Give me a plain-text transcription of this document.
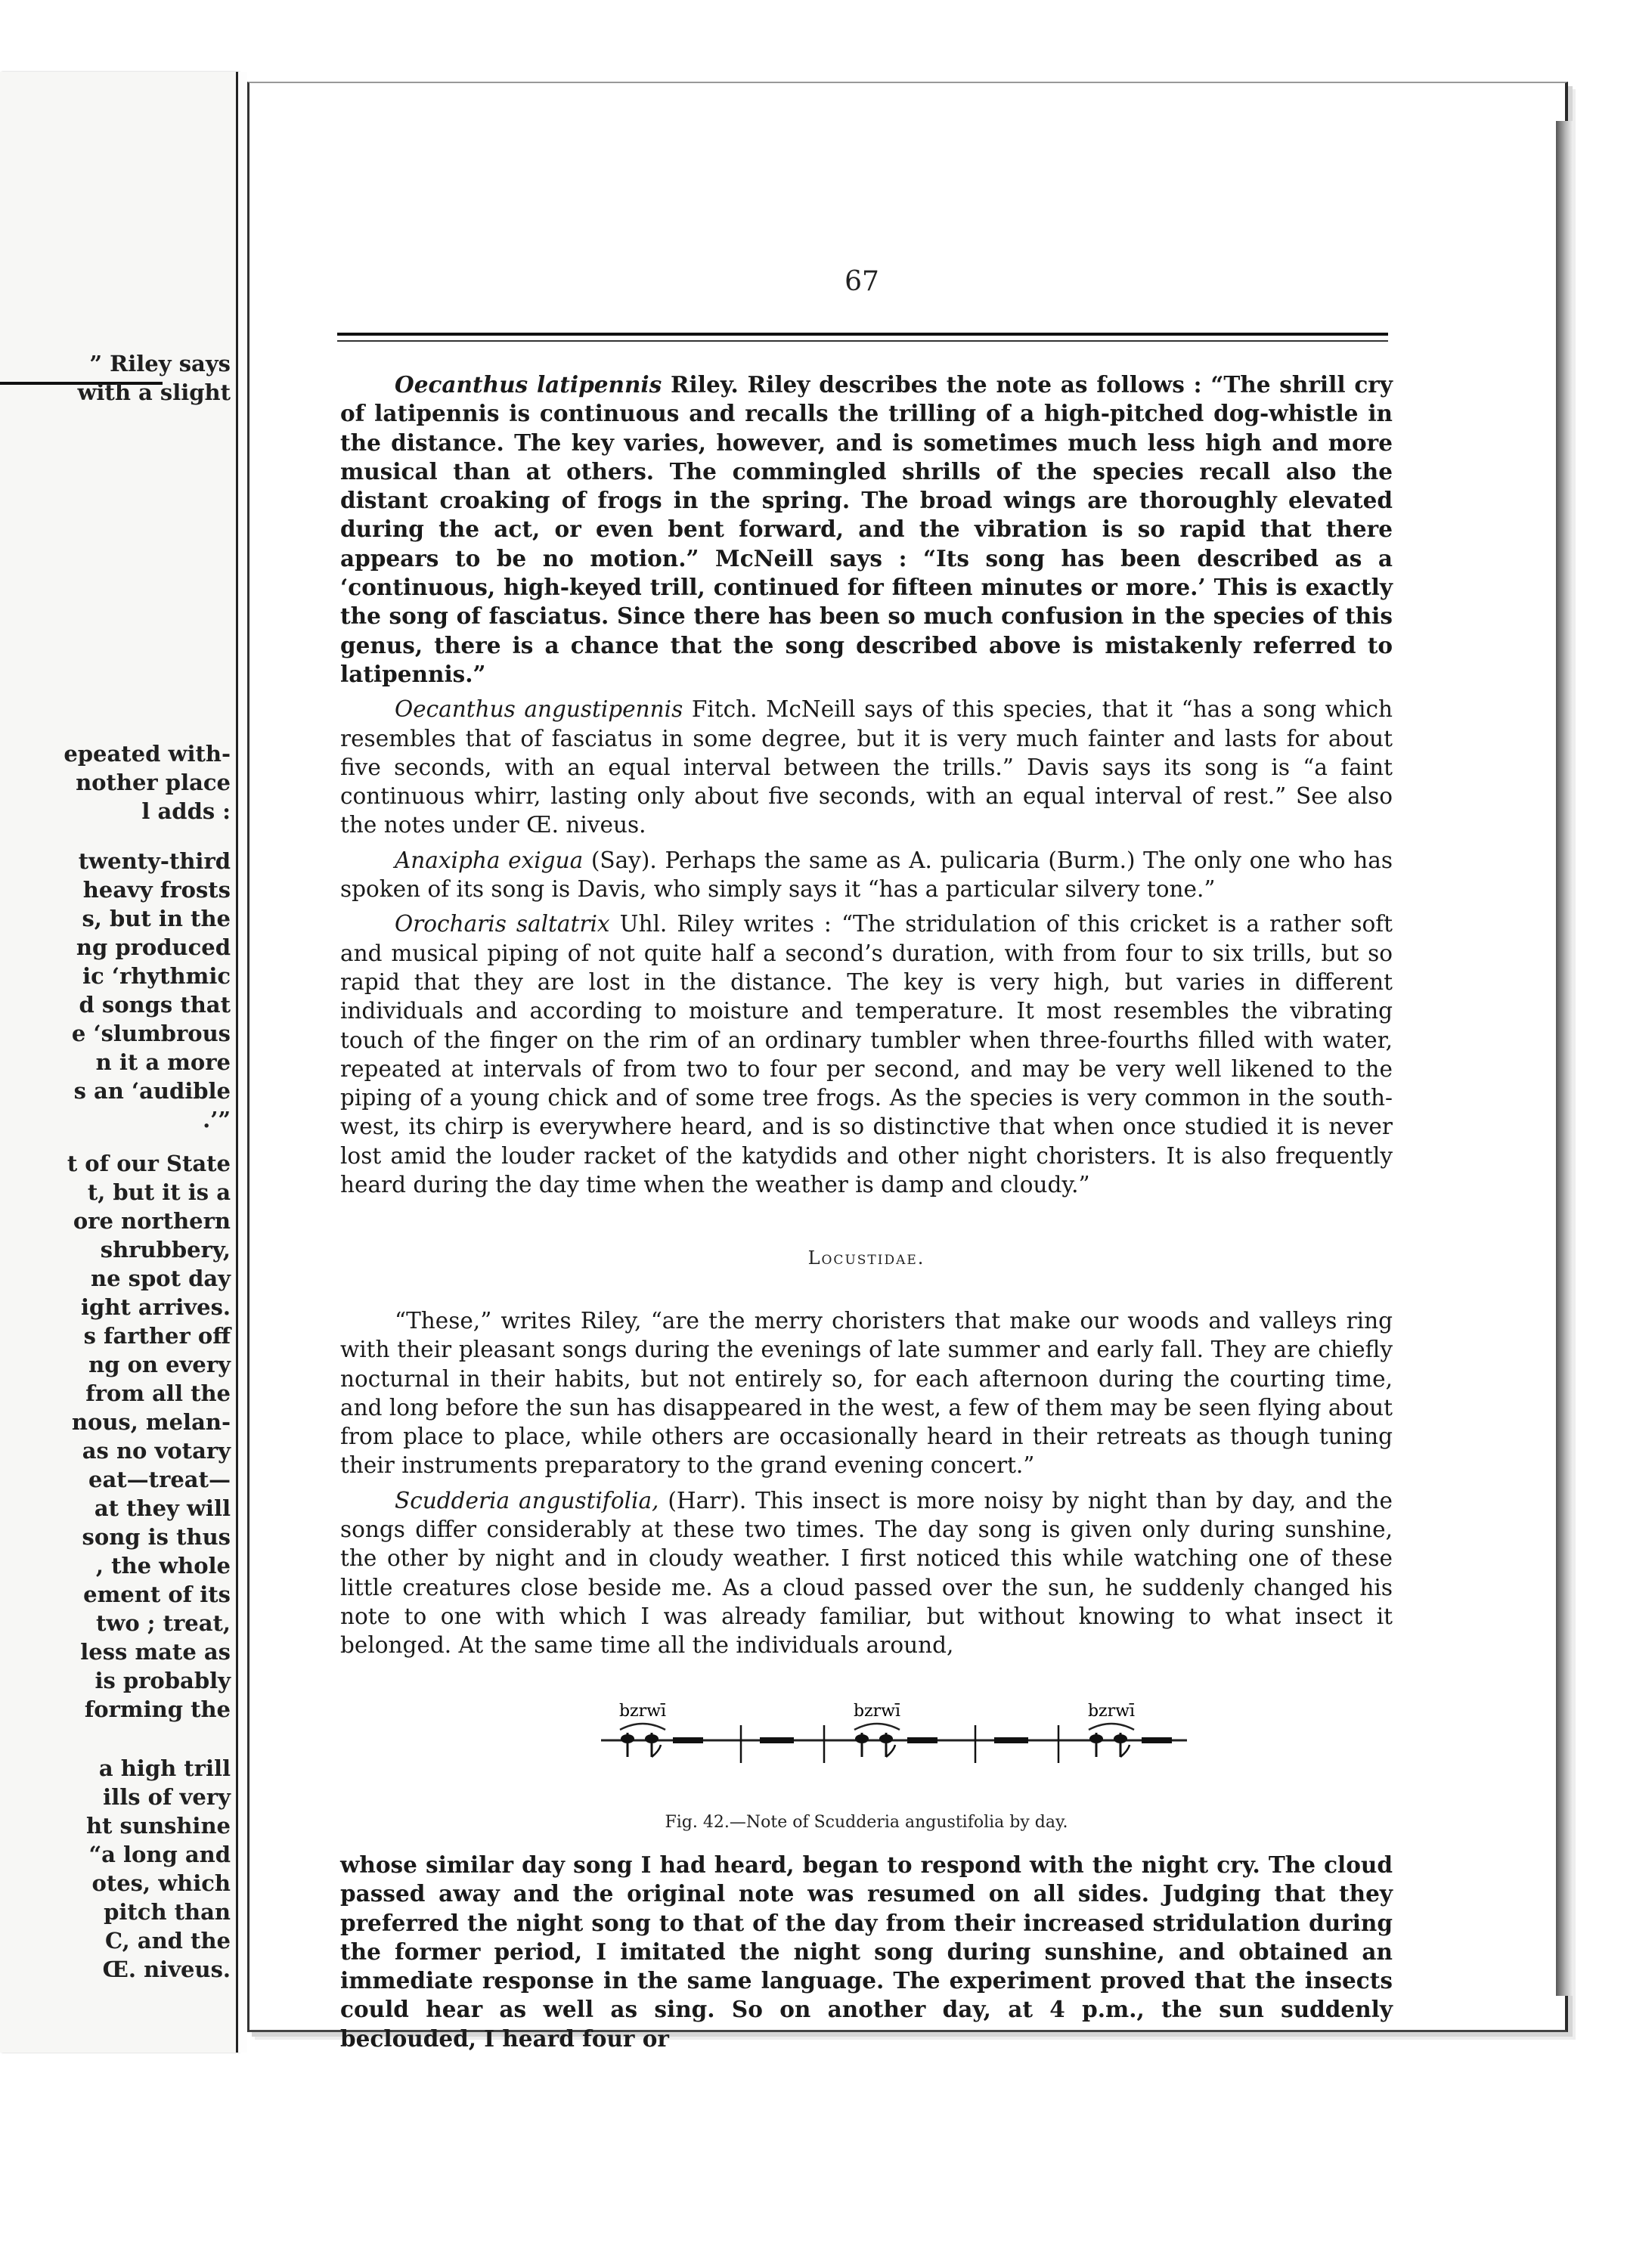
” Riley says
with a slight
epeated with-
nother place
l adds :
twenty-third
heavy frosts
s, but in the
ng produced
ic ‘rhythmic
d songs that
e ‘slumbrous
n it a more
s an ‘audible
.’”
t of our State
t, but it is a
ore northern
shrubbery,
ne spot day
ight arrives.
s farther off
ng on every
from all the
nous, melan-
as no votary
eat—treat—
at they will
song is thus
, the whole
ement of its
two ; treat,
less mate as
is probably
forming the
a high trill
ills of very
ht sunshine
“a long and
otes, which
pitch than
C, and the
Œ. niveus.
67

Oecanthus latipennis Riley. Riley describes the note as follows : “The shrill cry of latipennis is continuous and recalls the trilling of a high-pitched dog-whistle in the distance. The key varies, however, and is sometimes much less high and more musical than at others. The commingled shrills of the species recall also the distant croaking of frogs in the spring. The broad wings are thoroughly elevated during the act, or even bent forward, and the vibration is so rapid that there appears to be no motion.” McNeill says : “Its song has been described as a ‘continuous, high-keyed trill, continued for fifteen minutes or more.’ This is exactly the song of fasciatus. Since there has been so much confusion in the species of this genus, there is a chance that the song described above is mistakenly referred to latipennis.”

Oecanthus angustipennis Fitch. McNeill says of this species, that it “has a song which resembles that of fasciatus in some degree, but it is very much fainter and lasts for about five seconds, with an equal interval between the trills.” Davis says its song is “a faint continuous whirr, lasting only about five seconds, with an equal interval of rest.” See also the notes under Œ. niveus.

Anaxipha exigua (Say). Perhaps the same as A. pulicaria (Burm.) The only one who has spoken of its song is Davis, who simply says it “has a particular silvery tone.”

Orocharis saltatrix Uhl. Riley writes : “The stridulation of this cricket is a rather soft and musical piping of not quite half a second’s duration, with from four to six trills, but so rapid that they are lost in the distance. The key is very high, but varies in different individuals and according to moisture and temperature. It most resembles the vibrating touch of the finger on the rim of an ordinary tumbler when three-fourths filled with water, repeated at intervals of from two to four per second, and may be very well likened to the piping of a young chick and of some tree frogs. As the species is very common in the south-west, its chirp is everywhere heard, and is so distinctive that when once studied it is never lost amid the louder racket of the katydids and other night choristers. It is also frequently heard during the day time when the weather is damp and cloudy.”

Locustidae.

“These,” writes Riley, “are the merry choristers that make our woods and valleys ring with their pleasant songs during the evenings of late summer and early fall. They are chiefly nocturnal in their habits, but not entirely so, for each afternoon during the courting time, and long before the sun has disappeared in the west, a few of them may be seen flying about from place to place, while others are occasionally heard in their retreats as though tuning their instruments preparatory to the grand evening concert.”

Scudderia angustifolia, (Harr). This insect is more noisy by night than by day, and the songs differ considerably at these two times. The day song is given only during sunshine, the other by night and in cloudy weather. I first noticed this while watching one of these little creatures close beside me. As a cloud passed over the sun, he suddenly changed his note to one with which I was already familiar, but without knowing to what insect it belonged. At the same time all the individuals around,

bzrwī	bzrwī	bzrwī
Fig. 42.—Note of Scudderia angustifolia by day.

whose similar day song I had heard, began to respond with the night cry. The cloud passed away and the original note was resumed on all sides. Judging that they preferred the night song to that of the day from their increased stridulation during the former period, I imitated the night song during sunshine, and obtained an immediate response in the same language. The experiment proved that the insects could hear as well as sing. So on another day, at 4 p.m., the sun suddenly beclouded, I heard four or
